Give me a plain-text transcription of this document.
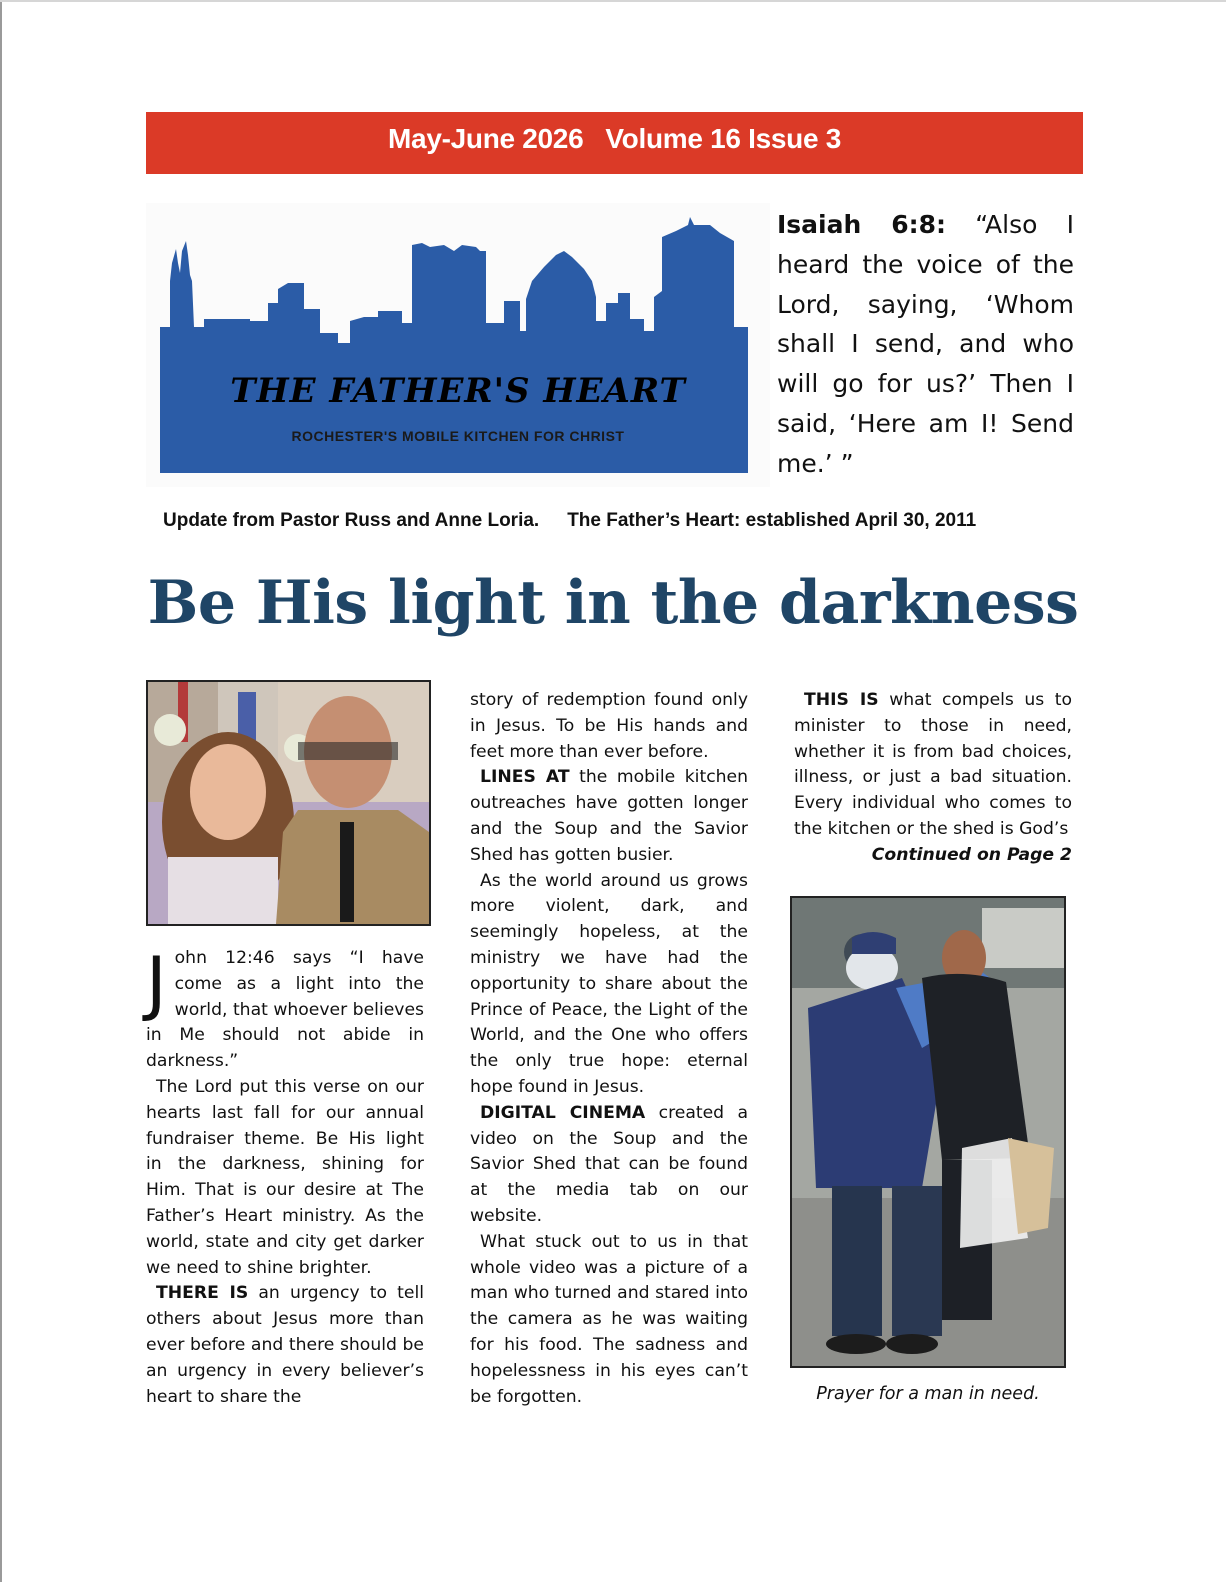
May-June 2026 Volume 16 Issue 3
THE FATHER'S HEART
ROCHESTER'S MOBILE KITCHEN FOR CHRIST
Isaiah 6:8: “Also I heard the voice of the Lord, saying, ‘Whom shall I send, and who will go for us?’ Then I said, ‘Here am I! Send me.’ ”
Update from Pastor Russ and Anne Loria. The Father’s Heart: established April 30, 2011
Be His light in the darkness

John 12:46 says “I have come as a light into the world, that whoever believes in Me should not abide in darkness.”

The Lord put this verse on our hearts last fall for our annual fundraiser theme. Be His light in the darkness, shining for Him. That is our desire at The Father’s Heart ministry. As the world, state and city get darker we need to shine brighter.

THERE IS an urgency to tell others about Jesus more than ever before and there should be an urgency in every believer’s heart to share the

story of redemption found only in Jesus. To be His hands and feet more than ever before.

LINES AT the mobile kitchen outreaches have gotten longer and the Soup and the Savior Shed has gotten busier.

As the world around us grows more violent, dark, and seemingly hopeless, at the ministry we have had the opportunity to share about the Prince of Peace, the Light of the World, and the One who offers the only true hope: eternal hope found in Jesus.

DIGITAL CINEMA created a video on the Soup and the Savior Shed that can be found at the media tab on our website.

What stuck out to us in that whole video was a picture of a man who turned and stared into the camera as he was waiting for his food. The sadness and hopelessness in his eyes can’t be forgotten.

THIS IS what compels us to minister to those in need, whether it is from bad choices, illness, or just a bad situation. Every individual who comes to the kitchen or the shed is God’s

Continued on Page 2

Prayer for a man in need.
